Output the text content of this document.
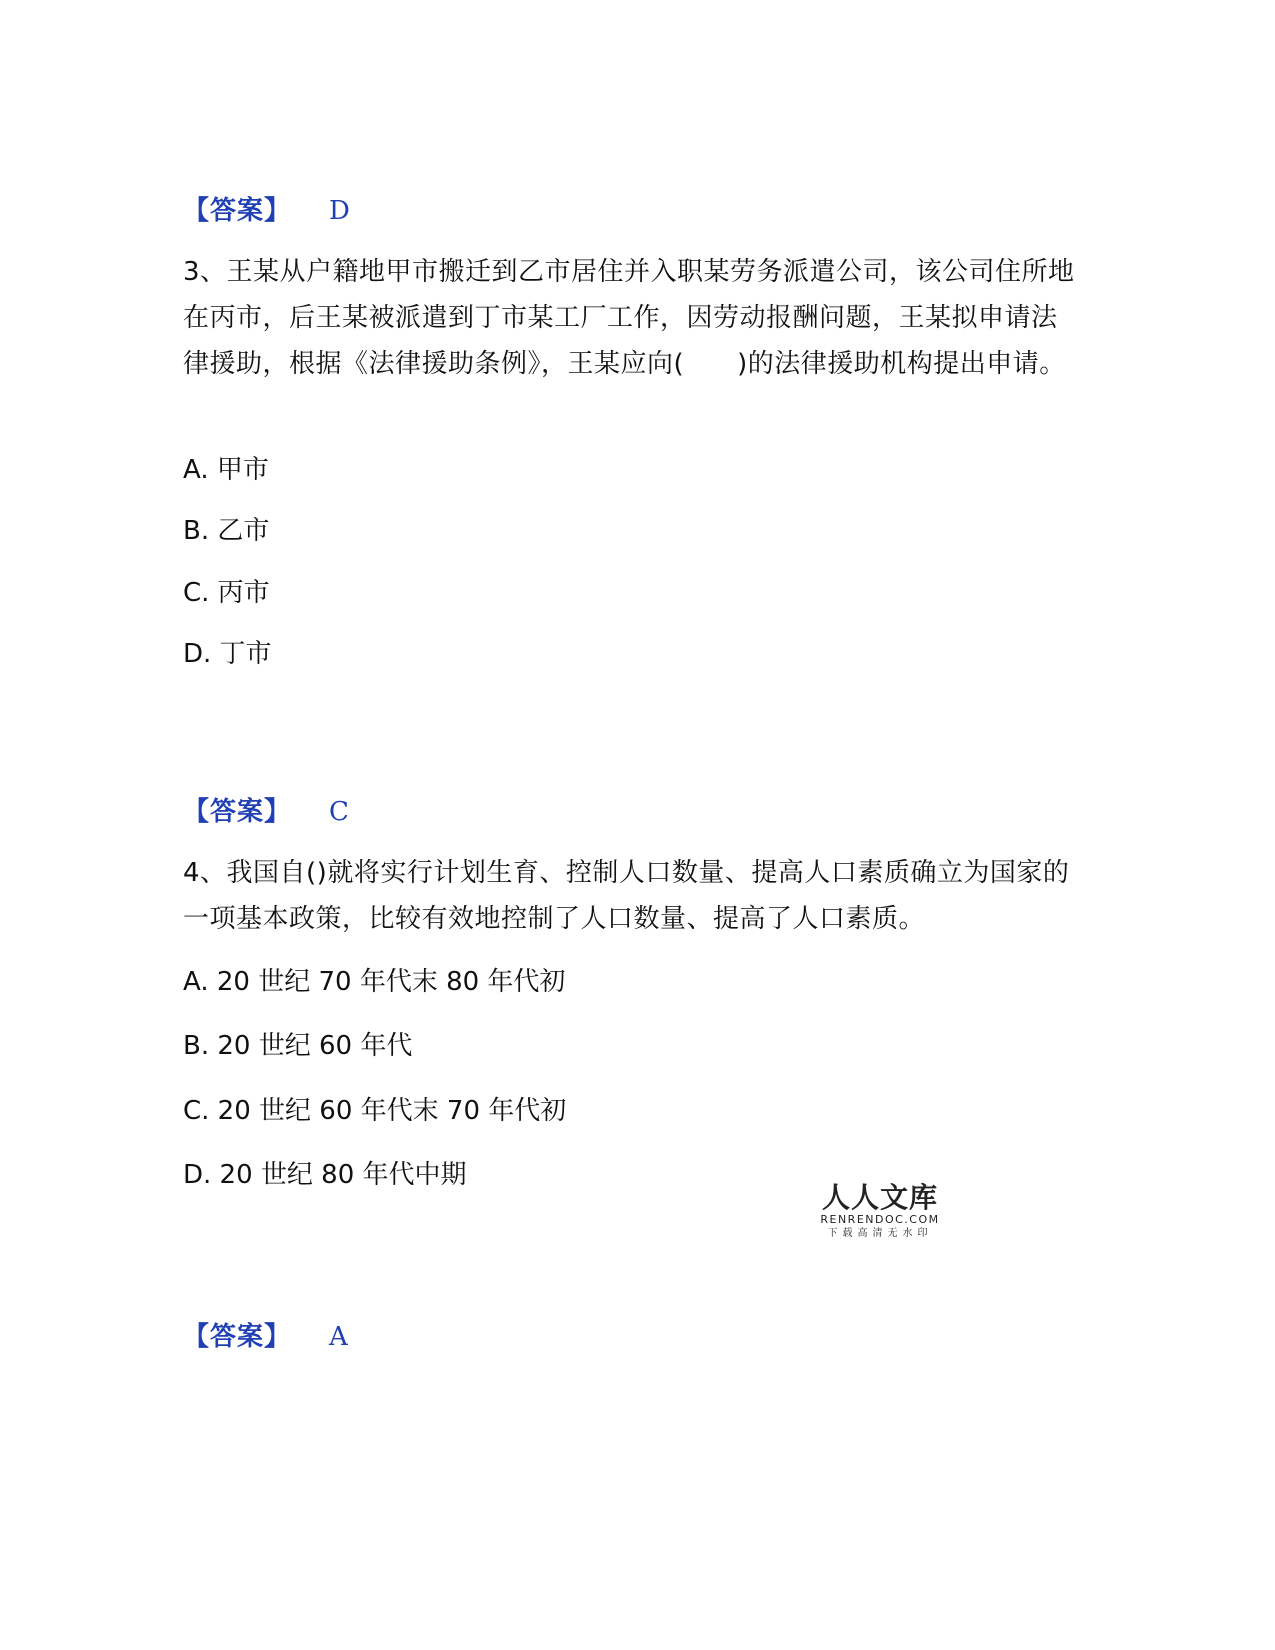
【答案】 D
3、王某从户籍地甲市搬迁到乙市居住并入职某劳务派遣公司，该公司住所地在丙市，后王某被派遣到丁市某工厂工作，因劳动报酬问题，王某拟申请法律援助，根据《法律援助条例》，王某应向(　　)的法律援助机构提出申请。
A. 甲市
B. 乙市
C. 丙市
D. 丁市
【答案】 C
4、我国自()就将实行计划生育、控制人口数量、提高人口素质确立为国家的一项基本政策，比较有效地控制了人口数量、提高了人口素质。
A. 20 世纪 70 年代末 80 年代初
B. 20 世纪 60 年代
C. 20 世纪 60 年代末 70 年代初
D. 20 世纪 80 年代中期
人人文库
RENRENDOC.COM
下载高清无水印
【答案】 A
